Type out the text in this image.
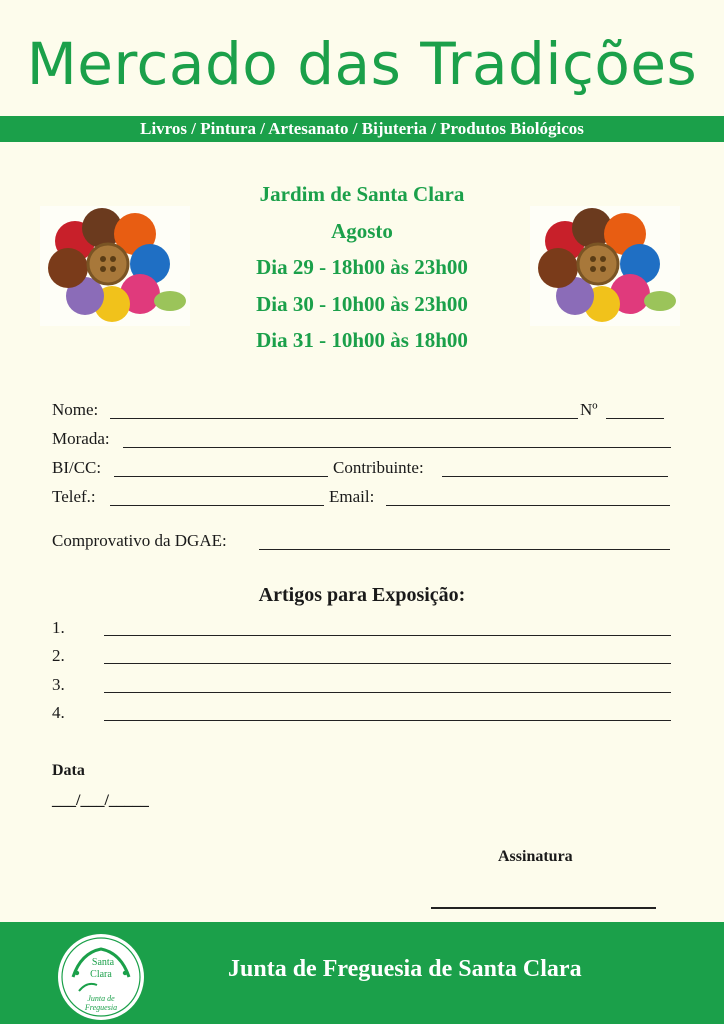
Mercado das Tradições
Livros / Pintura / Artesanato / Bijuteria / Produtos Biológicos
Jardim de Santa Clara
Agosto
Dia 29 - 18h00 às 23h00
Dia 30 - 10h00 às 23h00
Dia 31 - 10h00 às 18h00
Nome:	Nº
Morada:
BI/CC:	Contribuinte:
Telef.:	Email:
Comprovativo da DGAE:
Artigos para Exposição:
1.
2.
3.
4.
Data
___/___/_____
Assinatura
Santa
Clara
Junta de
Freguesia
Junta de Freguesia de Santa Clara
